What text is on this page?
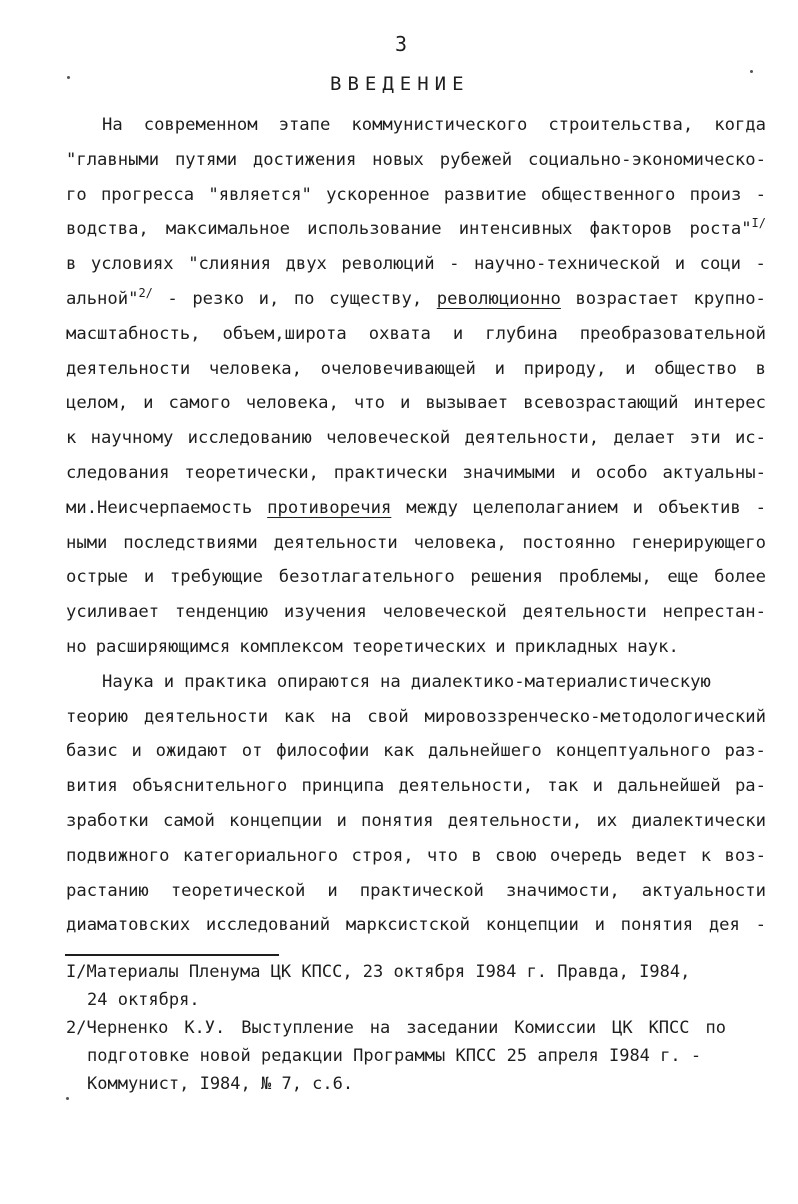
3
ВВЕДЕНИЕ
На современном этапе коммунистического строительства, когда
"главными путями достижения новых рубежей социально-экономическо-
го прогресса "является" ускоренное развитие общественного произ -
водства, максимальное использование интенсивных факторов роста"$^{I/}$
в условиях "слияния двух революций - научно-технической и соци -
альной"$^{2/}$ - резко и, по существу, революционно возрастает крупно-
масштабность, объем,широта охвата и глубина преобразовательной
деятельности человека, очеловечивающей и природу, и общество в
целом, и самого человека, что и вызывает всевозрастающий интерес
к научному исследованию человеческой деятельности, делает эти ис-
следования теоретически, практически значимыми и особо актуальны-
ми.Неисчерпаемость противоречия между целеполаганием и объектив -
ными последствиями деятельности человека, постоянно генерирующего
острые и требующие безотлагательного решения проблемы, еще более
усиливает тенденцию изучения человеческой деятельности непрестан-
но расширяющимся комплексом теоретических и прикладных наук.
Наука и практика опираются на диалектико-материалистическую
теорию деятельности как на свой мировоззренческо-методологический
базис и ожидают от философии как дальнейшего концептуального раз-
вития объяснительного принципа деятельности, так и дальнейшей ра-
зработки самой концепции и понятия деятельности, их диалектически
подвижного категориального строя, что в свою очередь ведет к воз-
растанию теоретической и практической значимости, актуальности
диаматовских исследований марксистской концепции и понятия дея -
I/Материалы Пленума ЦК КПСС, 23 октября I984 г. Правда, I984,
24 октября.
2/Черненко К.У. Выступление на заседании Комиссии ЦК КПСС по
подготовке новой редакции Программы КПСС 25 апреля I984 г. -
Коммунист, I984, № 7, с.6.
